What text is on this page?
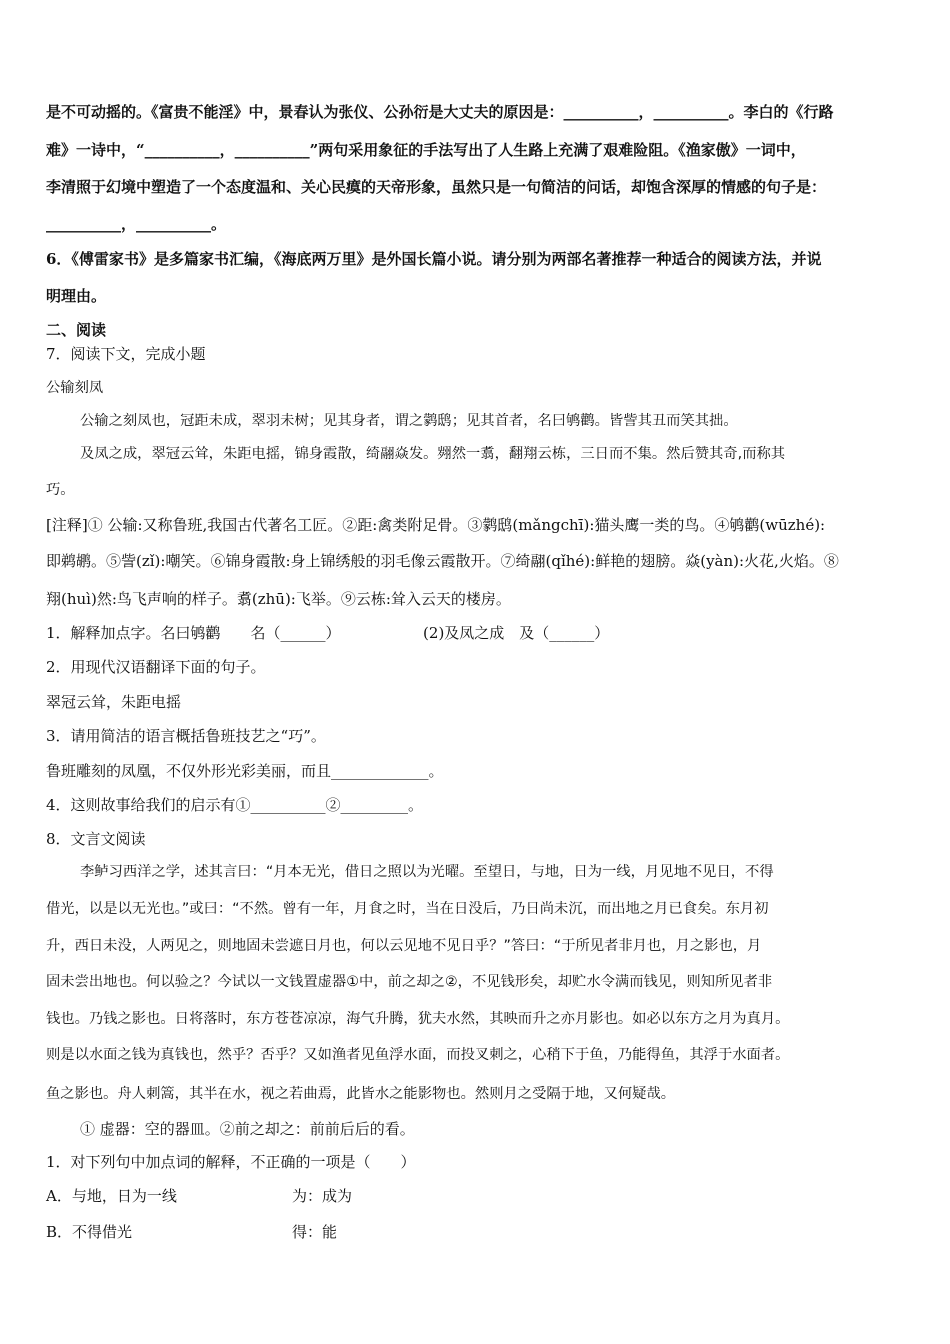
是不可动摇的。《富贵不能淫》中，景春认为张仪、公孙衍是大丈夫的原因是：__________，__________。李白的《行路
难》一诗中，“__________，__________”两句采用象征的手法写出了人生路上充满了艰难险阻。《渔家傲》一词中，
李清照于幻境中塑造了一个态度温和、关心民瘼的天帝形象，虽然只是一句简洁的问话，却饱含深厚的情感的句子是：
__________，__________。
6．《傅雷家书》是多篇家书汇编，《海底两万里》是外国长篇小说。请分别为两部名著推荐一种适合的阅读方法，并说
明理由。
二、阅读
7．阅读下文，完成小题
公输刻凤
公输之刻凤也，冠距未成，翠羽未树；见其身者，谓之鹲鸱；见其首者，名曰鸲鹳。皆訾其丑而笑其拙。
及凤之成，翠冠云耸，朱距电摇，锦身霞散，绮翮焱发。翙然一翥，翻翔云栋，三日而不集。然后赞其奇,而称其
巧。
[注释]① 公输:又称鲁班,我国古代著名工匠。②距:禽类附足骨。③鹲鸱(mǎngchī):猫头鹰一类的鸟。④鸲鹳(wūzhé):
即鹈鹕。⑤訾(zǐ):嘲笑。⑥锦身霞散:身上锦绣般的羽毛像云霞散开。⑦绮翮(qǐhé):鲜艳的翅膀。焱(yàn):火花,火焰。⑧
翔(huì)然:鸟飞声响的样子。翥(zhū):飞举。⑨云栋:耸入云天的楼房。
1．解释加点字。名曰鸲鹳　　名（______）　　　　　　(2)及凤之成　及（______）
2．用现代汉语翻译下面的句子。
翠冠云耸，朱距电摇
3．请用简洁的语言概括鲁班技艺之“巧”。
鲁班雕刻的凤凰，不仅外形光彩美丽，而且_____________。
4．这则故事给我们的启示有①__________②_________。
8．文言文阅读
李鲈习西洋之学，述其言曰：“月本无光，借日之照以为光曜。至望日，与地，日为一线，月见地不见日，不得
借光，以是以无光也。”或曰：“不然。曾有一年，月食之时，当在日没后，乃日尚未沉，而出地之月已食矣。东月初
升，西日未没，人两见之，则地固未尝遮日月也，何以云见地不见日乎？”答曰：“于所见者非月也，月之影也，月
固未尝出地也。何以验之？今试以一文钱置虚器①中，前之却之②，不见钱形矣，却贮水令满而钱见，则知所见者非
钱也。乃钱之影也。日将落时，东方苍苍凉凉，海气升腾，犹夫水然，其映而升之亦月影也。如必以东方之月为真月。
则是以水面之钱为真钱也，然乎？否乎？又如渔者见鱼浮水面，而投叉刺之，心稍下于鱼，乃能得鱼，其浮于水面者。
鱼之影也。舟人刺篙，其半在水，视之若曲焉，此皆水之能影物也。然则月之受隔于地，又何疑哉。
① 虚器：空的器皿。②前之却之：前前后后的看。
1．对下列句中加点词的解释，不正确的一项是（　　）
A．与地，日为一线	为：成为
B．不得借光	得：能
